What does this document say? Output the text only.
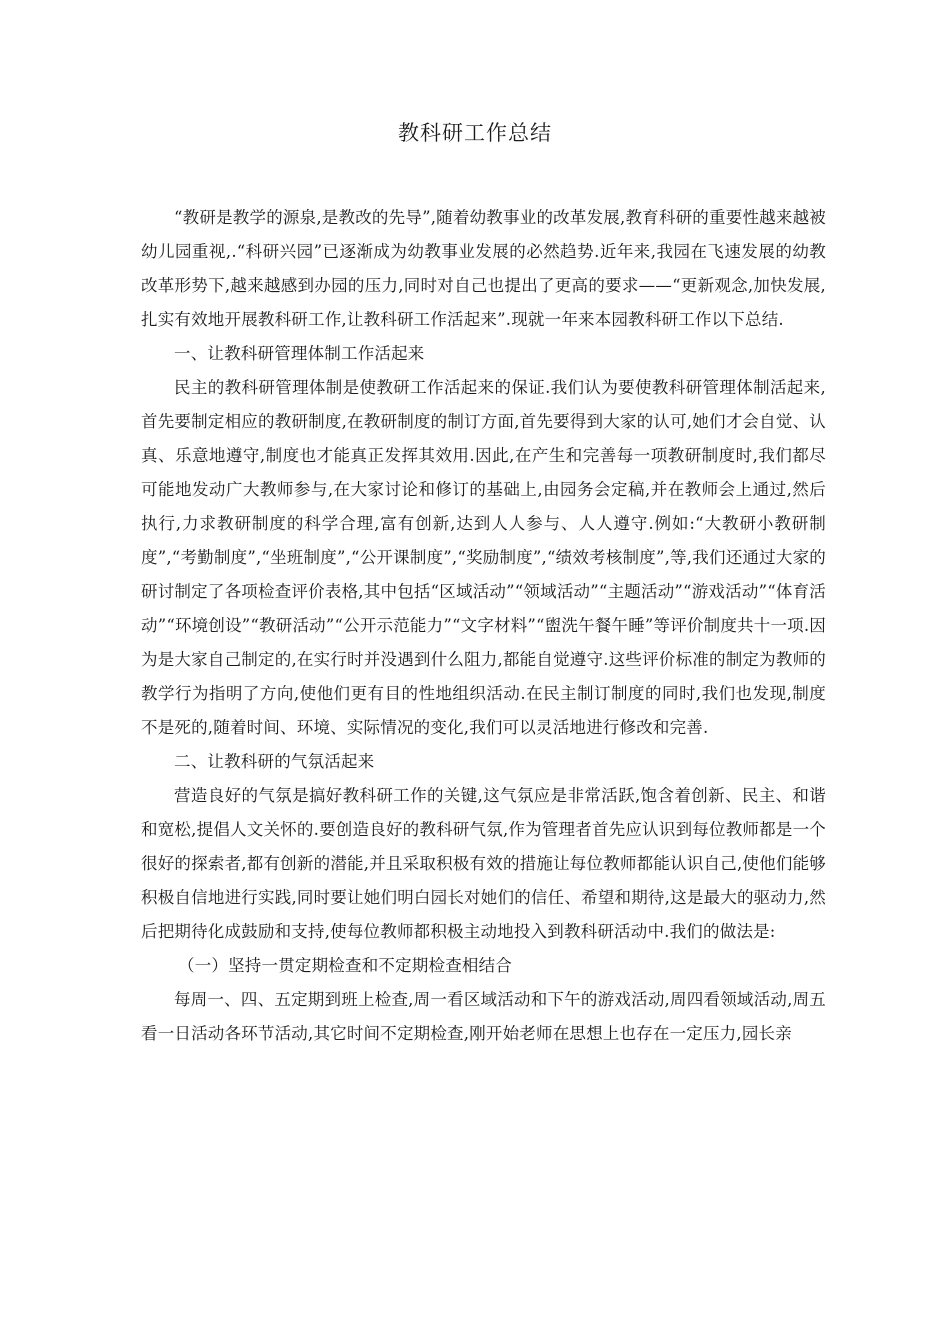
教科研工作总结

“教研是教学的源泉,是教改的先导”,随着幼教事业的改革发展,教育科研的重要性越来越被幼儿园重视,.“科研兴园”已逐渐成为幼教事业发展的必然趋势.近年来,我园在飞速发展的幼教改革形势下,越来越感到办园的压力,同时对自己也提出了更高的要求——“更新观念,加快发展,扎实有效地开展教科研工作,让教科研工作活起来”.现就一年来本园教科研工作以下总结.

一、让教科研管理体制工作活起来

民主的教科研管理体制是使教研工作活起来的保证.我们认为要使教科研管理体制活起来,首先要制定相应的教研制度,在教研制度的制订方面,首先要得到大家的认可,她们才会自觉、认真、乐意地遵守,制度也才能真正发挥其效用.因此,在产生和完善每一项教研制度时,我们都尽可能地发动广大教师参与,在大家讨论和修订的基础上,由园务会定稿,并在教师会上通过,然后执行,力求教研制度的科学合理,富有创新,达到人人参与、人人遵守.例如:“大教研小教研制度”,“考勤制度”,“坐班制度”,“公开课制度”,“奖励制度”,“绩效考核制度”,等,我们还通过大家的研讨制定了各项检查评价表格,其中包括“区域活动”“领域活动”“主题活动”“游戏活动”“体育活动”“环境创设”“教研活动”“公开示范能力”“文字材料”“盥洗午餐午睡”等评价制度共十一项.因为是大家自己制定的,在实行时并没遇到什么阻力,都能自觉遵守.这些评价标准的制定为教师的教学行为指明了方向,使他们更有目的性地组织活动.在民主制订制度的同时,我们也发现,制度不是死的,随着时间、环境、实际情况的变化,我们可以灵活地进行修改和完善.

二、让教科研的气氛活起来

营造良好的气氛是搞好教科研工作的关键,这气氛应是非常活跃,饱含着创新、民主、和谐和宽松,提倡人文关怀的.要创造良好的教科研气氛,作为管理者首先应认识到每位教师都是一个很好的探索者,都有创新的潜能,并且采取积极有效的措施让每位教师都能认识自己,使他们能够积极自信地进行实践,同时要让她们明白园长对她们的信任、希望和期待,这是最大的驱动力,然后把期待化成鼓励和支持,使每位教师都积极主动地投入到教科研活动中.我们的做法是:

（一）坚持一贯定期检查和不定期检查相结合

每周一、四、五定期到班上检查,周一看区域活动和下午的游戏活动,周四看领域活动,周五看一日活动各环节活动,其它时间不定期检查,刚开始老师在思想上也存在一定压力,园长亲
